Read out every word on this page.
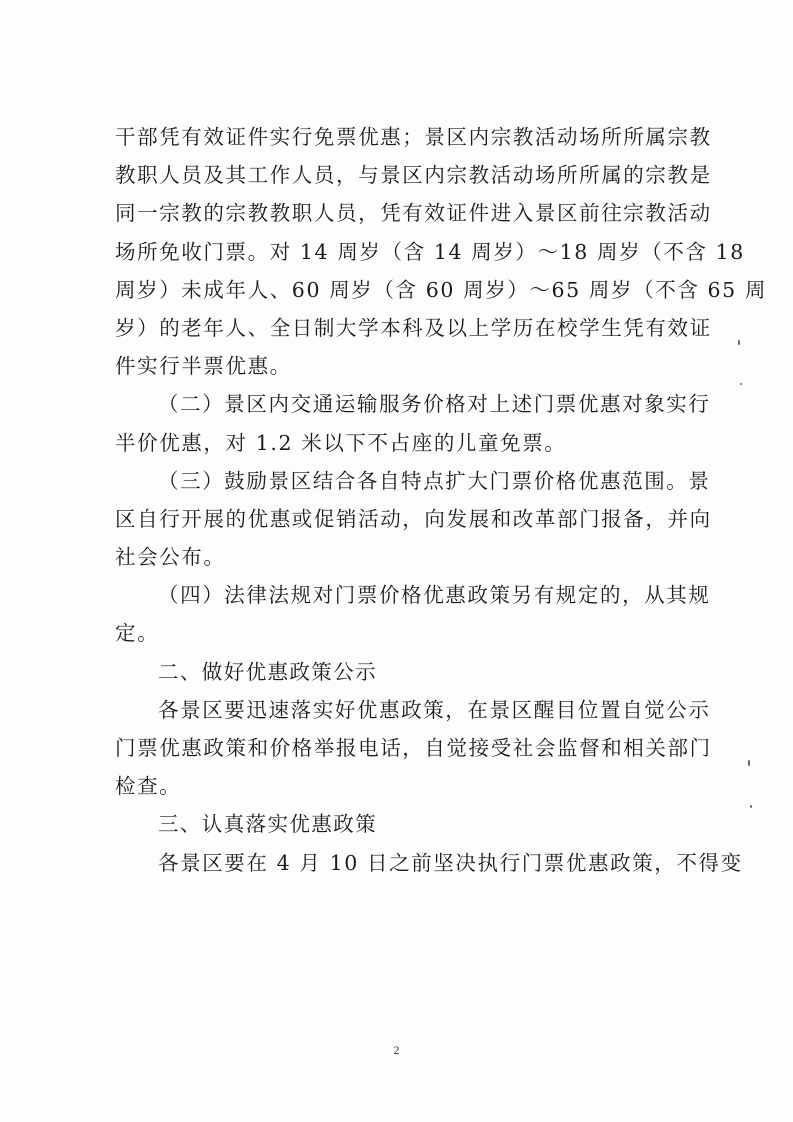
干部凭有效证件实行免票优惠；景区内宗教活动场所所属宗教
教职人员及其工作人员，与景区内宗教活动场所所属的宗教是
同一宗教的宗教教职人员，凭有效证件进入景区前往宗教活动
场所免收门票。对 14 周岁（含 14 周岁）～18 周岁（不含 18
周岁）未成年人、60 周岁（含 60 周岁）～65 周岁（不含 65 周
岁）的老年人、全日制大学本科及以上学历在校学生凭有效证
件实行半票优惠。
（二）景区内交通运输服务价格对上述门票优惠对象实行
半价优惠，对 1.2 米以下不占座的儿童免票。
（三）鼓励景区结合各自特点扩大门票价格优惠范围。景
区自行开展的优惠或促销活动，向发展和改革部门报备，并向
社会公布。
（四）法律法规对门票价格优惠政策另有规定的，从其规
定。
二、做好优惠政策公示
各景区要迅速落实好优惠政策，在景区醒目位置自觉公示
门票优惠政策和价格举报电话，自觉接受社会监督和相关部门
检查。
三、认真落实优惠政策
各景区要在 4 月 10 日之前坚决执行门票优惠政策，不得变
2
